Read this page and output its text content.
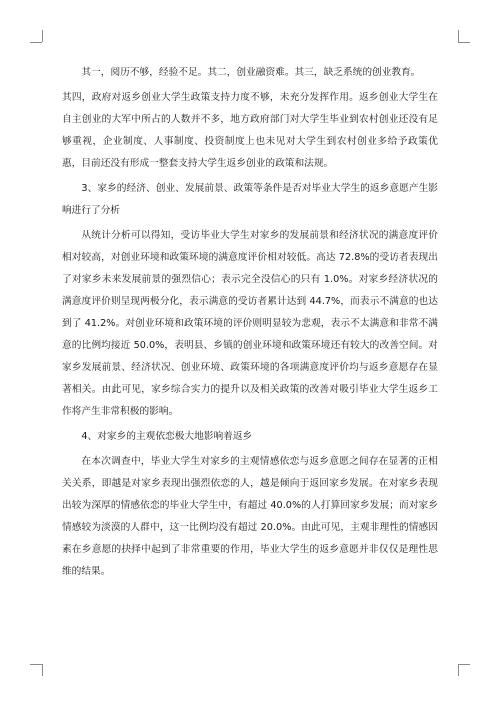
其一，阅历不够，经验不足。其二，创业融资难。其三，缺乏系统的创业教育。

其四，政府对返乡创业大学生政策支持力度不够，未充分发挥作用。返乡创业大学生在自主创业的大军中所占的人数并不多，地方政府部门对大学生毕业到农村创业还没有足够重视，企业制度、人事制度、投资制度上也未见对大学生到农村创业多给予政策优惠，目前还没有形成一整套支持大学生返乡创业的政策和法规。

3、家乡的经济、创业、发展前景、政策等条件是否对毕业大学生的返乡意愿产生影响进行了分析

从统计分析可以得知，受访毕业大学生对家乡的发展前景和经济状况的满意度评价相对较高，对创业环境和政策环境的满意度评价相对较低。高达 72.8%的受访者表现出了对家乡未来发展前景的强烈信心；表示完全没信心的只有 1.0%。对家乡经济状况的满意度评价则呈现两极分化，表示满意的受访者累计达到 44.7%，而表示不满意的也达到了 41.2%。对创业环境和政策环境的评价则明显较为悲观，表示不太满意和非常不满意的比例均接近 50.0%，表明县、乡镇的创业环境和政策环境还有较大的改善空间。对家乡发展前景、经济状况、创业环境、政策环境的各项满意度评价均与返乡意愿存在显著相关。由此可见，家乡综合实力的提升以及相关政策的改善对吸引毕业大学生返乡工作将产生非常积极的影响。

4、对家乡的主观依恋极大地影响着返乡

在本次调查中，毕业大学生对家乡的主观情感依恋与返乡意愿之间存在显著的正相关关系，即越是对家乡表现出强烈依恋的人，越是倾向于返回家乡发展。在对家乡表现出较为深厚的情感依恋的毕业大学生中，有超过 40.0%的人打算回家乡发展；而对家乡情感较为淡漠的人群中，这一比例均没有超过 20.0%。由此可见，主观非理性的情感因素在乡意愿的抉择中起到了非常重要的作用，毕业大学生的返乡意愿并非仅仅是理性思维的结果。
